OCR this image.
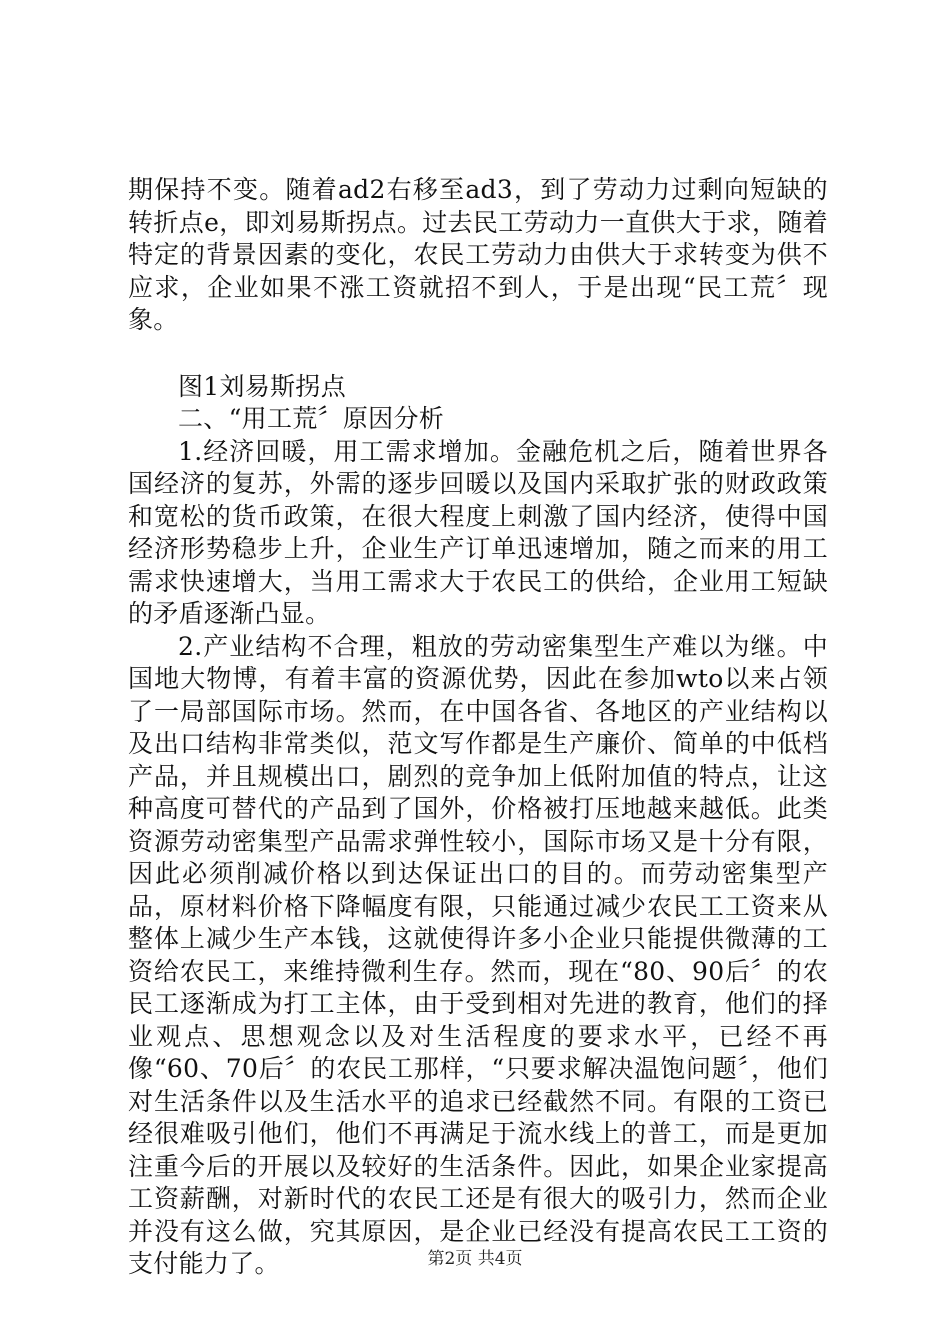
期保持不变。随着ad2右移至ad3，到了劳动力过剩向短缺的转折点e，即刘易斯拐点。过去民工劳动力一直供大于求，随着特定的背景因素的变化，农民工劳动力由供大于求转变为供不应求，企业如果不涨工资就招不到人，于是出现“民工荒〞现象。

图1刘易斯拐点

二、“用工荒〞原因分析

1.经济回暖，用工需求增加。金融危机之后，随着世界各国经济的复苏，外需的逐步回暖以及国内采取扩张的财政政策和宽松的货币政策，在很大程度上刺激了国内经济，使得中国经济形势稳步上升，企业生产订单迅速增加，随之而来的用工需求快速增大，当用工需求大于农民工的供给，企业用工短缺的矛盾逐渐凸显。

2.产业结构不合理，粗放的劳动密集型生产难以为继。中国地大物博，有着丰富的资源优势，因此在参加wto以来占领了一局部国际市场。然而，在中国各省、各地区的产业结构以及出口结构非常类似，范文写作都是生产廉价、简单的中低档产品，并且规模出口，剧烈的竞争加上低附加值的特点，让这种高度可替代的产品到了国外，价格被打压地越来越低。此类资源劳动密集型产品需求弹性较小，国际市场又是十分有限，因此必须削减价格以到达保证出口的目的。而劳动密集型产品，原材料价格下降幅度有限，只能通过减少农民工工资来从整体上减少生产本钱，这就使得许多小企业只能提供微薄的工资给农民工，来维持微利生存。然而，现在“80、90后〞的农民工逐渐成为打工主体，由于受到相对先进的教育，他们的择业观点、思想观念以及对生活程度的要求水平，已经不再像“60、70后〞的农民工那样，“只要求解决温饱问题〞，他们对生活条件以及生活水平的追求已经截然不同。有限的工资已经很难吸引他们，他们不再满足于流水线上的普工，而是更加注重今后的开展以及较好的生活条件。因此，如果企业家提高工资薪酬，对新时代的农民工还是有很大的吸引力，然而企业并没有这么做，究其原因，是企业已经没有提高农民工工资的支付能力了。	第2页 共4页
